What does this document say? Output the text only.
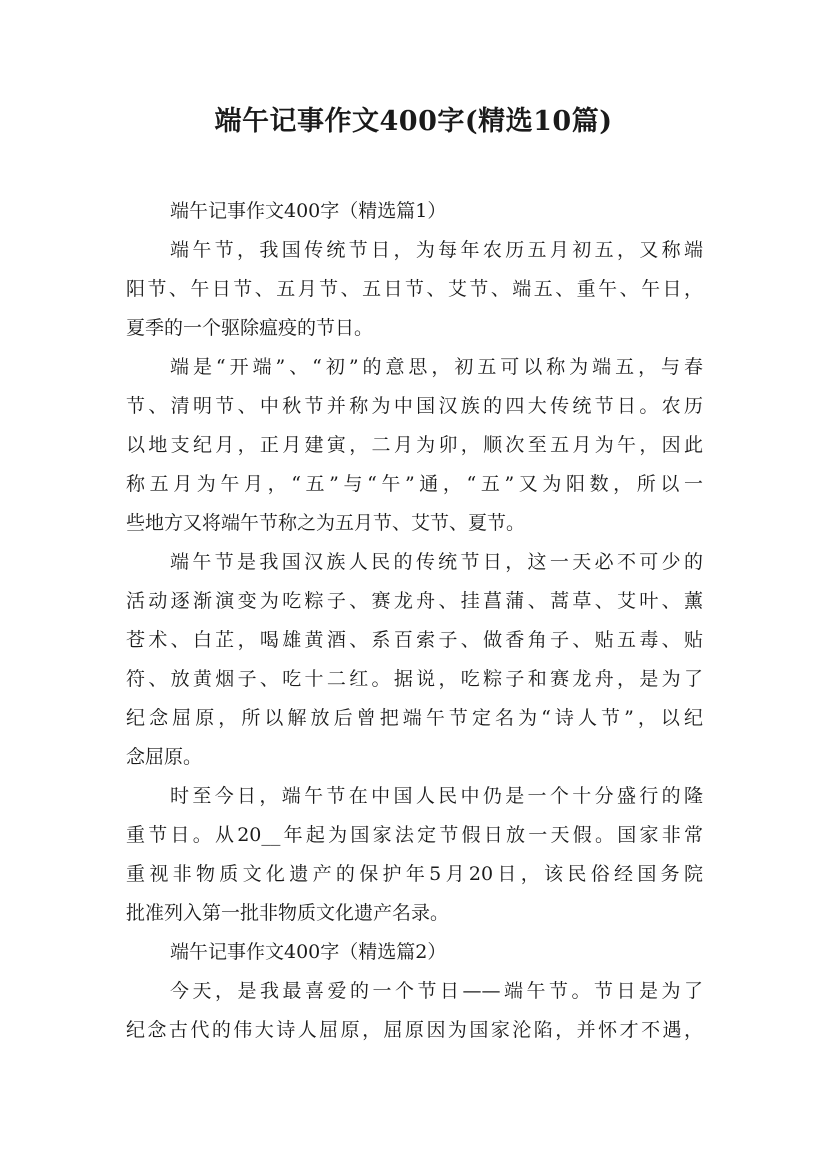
端午记事作文400字(精选10篇)
端午记事作文400字（精选篇1）
端午节，我国传统节日，为每年农历五月初五，又称端
阳节、午日节、五月节、五日节、艾节、端五、重午、午日，
夏季的一个驱除瘟疫的节日。
端是“开端”、“初”的意思，初五可以称为端五，与春
节、清明节、中秋节并称为中国汉族的四大传统节日。农历
以地支纪月，正月建寅，二月为卯，顺次至五月为午，因此
称五月为午月，“五”与“午”通，“五”又为阳数，所以一
些地方又将端午节称之为五月节、艾节、夏节。
端午节是我国汉族人民的传统节日，这一天必不可少的
活动逐渐演变为吃粽子、赛龙舟、挂菖蒲、蒿草、艾叶、薰
苍术、白芷，喝雄黄酒、系百索子、做香角子、贴五毒、贴
符、放黄烟子、吃十二红。据说，吃粽子和赛龙舟，是为了
纪念屈原，所以解放后曾把端午节定名为“诗人节”，以纪
念屈原。
时至今日，端午节在中国人民中仍是一个十分盛行的隆
重节日。从20__年起为国家法定节假日放一天假。国家非常
重视非物质文化遗产的保护年5月20日，该民俗经国务院
批准列入第一批非物质文化遗产名录。
端午记事作文400字（精选篇2）
今天，是我最喜爱的一个节日——端午节。节日是为了
纪念古代的伟大诗人屈原，屈原因为国家沦陷，并怀才不遇，
